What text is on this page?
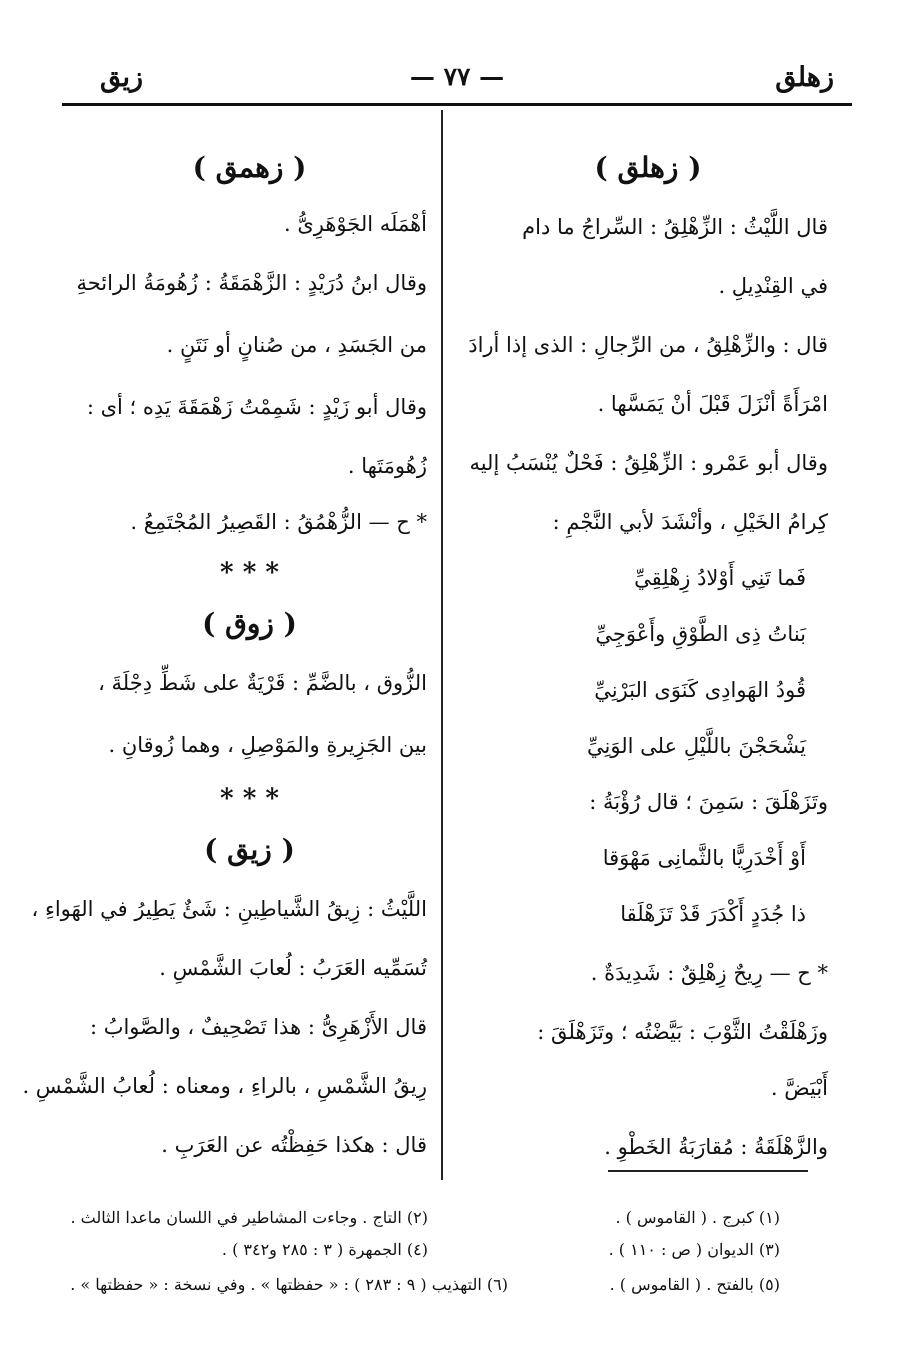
زهلق
— ٧٧ —
زيق
( زهلق )
قال اللَّيْثُ : الزِّهْلِقُ : السِّراجُ ما دام
في القِنْدِيلِ .
قال : والزِّهْلِقُ ، من الرِّجالِ : الذى إذا أرادَ
امْرَأَةً أنْزَلَ قَبْلَ أنْ يَمَسَّها .
وقال أبو عَمْرو : الزِّهْلِقُ : فَحْلٌ يُنْسَبُ إليه
كِرامُ الخَيْلِ ، وأنْشَدَ لأبي النَّجْمِ :
فَما تَنِي أَوْلادُ زِهْلِقِيِّ
بَناتُ ذِى الطَّوْقِ وأَعْوَجِيِّ
قُودُ الهَوادِى كَنَوَى البَرْنِيِّ
يَشْحَجْنَ باللَّيْلِ على الوَنِيِّ
وتَزَهْلَقَ : سَمِنَ ؛ قال رُؤْبَةُ :
أَوْ أَخْدَرِيًّا بالثَّمانِى مَهْوَقا
ذا جُدَدٍ أَكْدَرَ قَدْ تَزَهْلَقا
* ح — رِيحٌ زِهْلِقٌ : شَدِيدَةٌ .
وزَهْلَقْتُ الثَّوْبَ : بَيَّضْتُه ؛ وتَزَهْلَقَ :
أَبْيَضَّ .
والزَّهْلَقَةُ : مُقارَبَةُ الخَطْوِ .
( زهمق )
أهْمَلَه الجَوْهَرِىُّ .
وقال ابنُ دُرَيْدٍ : الزَّهْمَقَةُ : زُهُومَةُ الرائحةِ
من الجَسَدِ ، من صُنانٍ أو نَتَنٍ .
وقال أبو زَيْدٍ : شَمِمْتُ زَهْمَقَةَ يَدِه ؛ أى :
زُهُومَتَها .
* ح — الزُّهْمُقُ : القَصِيرُ المُجْتَمِعُ .
* * *
( زوق )
الزُّوق ، بالضَّمِّ : قَرْيَةٌ على شَطِّ دِجْلَةَ ،
بين الجَزِيرةِ والمَوْصِلِ ، وهما زُوقانِ .
* * *
( زيق )
اللَّيْثُ : زِيقُ الشَّياطِينِ : شَئٌ يَطِيرُ في الهَواءِ ،
تُسَمِّيه العَرَبُ : لُعابَ الشَّمْسِ .
قال الأَزْهَرِىُّ : هذا تَصْحِيفٌ ، والصَّوابُ :
رِيقُ الشَّمْسِ ، بالراءِ ، ومعناه : لُعابُ الشَّمْسِ .
قال : هكذا حَفِظْتُه عن العَرَبِ .
(١) كبرج . ( القاموس ) .
(٣) الديوان ( ص : ١١٠ ) .
(٥) بالفتح . ( القاموس ) .
(٢) التاج . وجاءت المشاطير في اللسان ماعدا الثالث .
(٤) الجمهرة ( ٣ : ٢٨٥ و٣٤٢ ) .
(٦) التهذيب ( ٩ : ٢٨٣ ) : « حفظتها » . وفي نسخة : « حفظتها » .
